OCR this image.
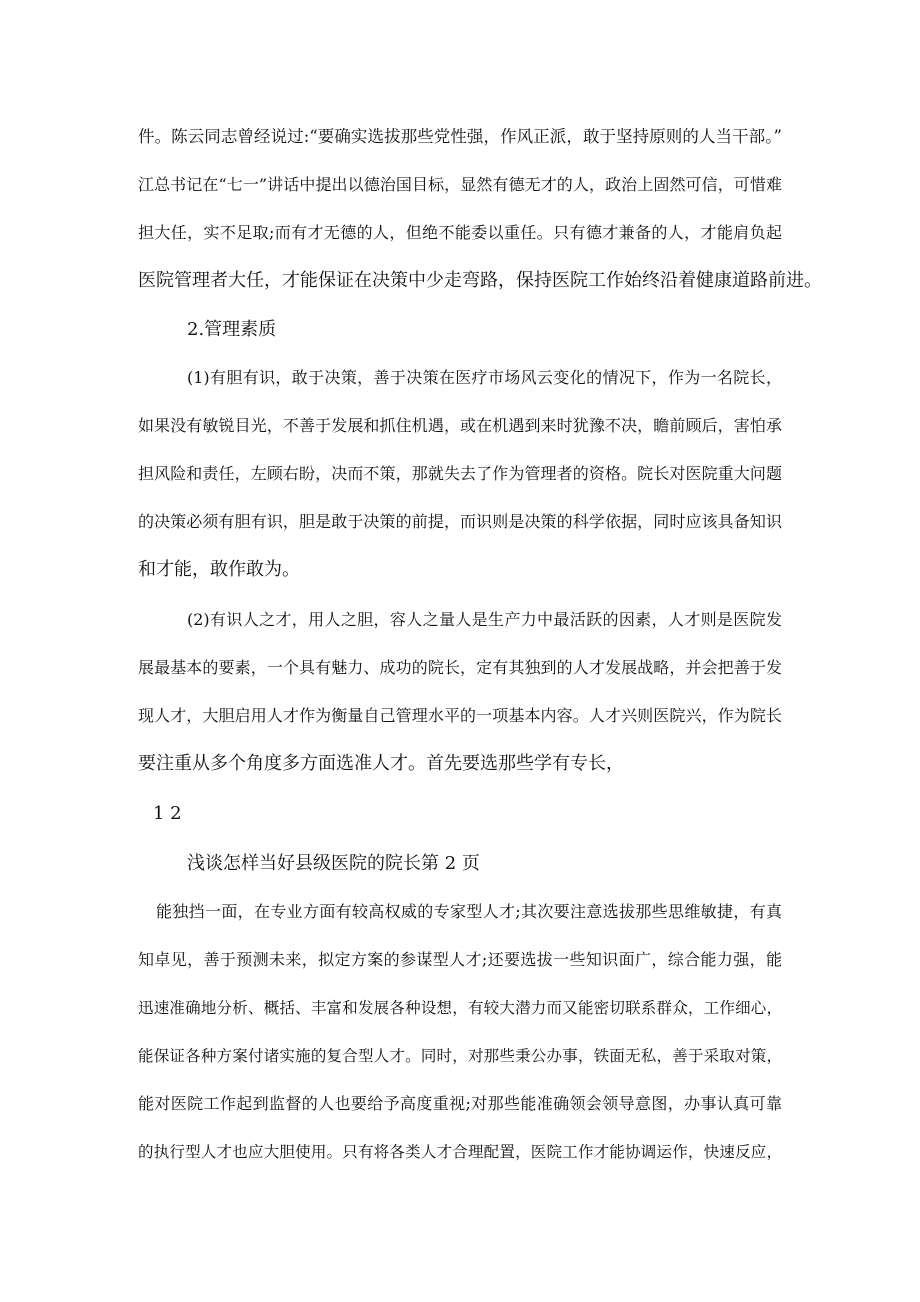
件。陈云同志曾经说过:“要确实选拔那些党性强，作风正派，敢于坚持原则的人当干部。”
江总书记在“七一”讲话中提出以德治国目标，显然有德无才的人，政治上固然可信，可惜难
担大任，实不足取;而有才无德的人，但绝不能委以重任。只有德才兼备的人，才能肩负起
医院管理者大任，才能保证在决策中少走弯路，保持医院工作始终沿着健康道路前进。
2.管理素质
(1)有胆有识，敢于决策，善于决策在医疗市场风云变化的情况下，作为一名院长，
如果没有敏锐目光，不善于发展和抓住机遇，或在机遇到来时犹豫不决，瞻前顾后，害怕承
担风险和责任，左顾右盼，决而不策，那就失去了作为管理者的资格。院长对医院重大问题
的决策必须有胆有识，胆是敢于决策的前提，而识则是决策的科学依据，同时应该具备知识
和才能，敢作敢为。
(2)有识人之才，用人之胆，容人之量人是生产力中最活跃的因素，人才则是医院发
展最基本的要素，一个具有魅力、成功的院长，定有其独到的人才发展战略，并会把善于发
现人才，大胆启用人才作为衡量自己管理水平的一项基本内容。人才兴则医院兴，作为院长
要注重从多个角度多方面选准人才。首先要选那些学有专长，
1 2
浅谈怎样当好县级医院的院长第 2 页
能独挡一面，在专业方面有较高权威的专家型人才;其次要注意选拔那些思维敏捷，有真
知卓见，善于预测未来，拟定方案的参谋型人才;还要选拔一些知识面广，综合能力强，能
迅速准确地分析、概括、丰富和发展各种设想，有较大潜力而又能密切联系群众，工作细心，
能保证各种方案付诸实施的复合型人才。同时，对那些秉公办事，铁面无私，善于采取对策，
能对医院工作起到监督的人也要给予高度重视;对那些能准确领会领导意图，办事认真可靠
的执行型人才也应大胆使用。只有将各类人才合理配置，医院工作才能协调运作，快速反应，
